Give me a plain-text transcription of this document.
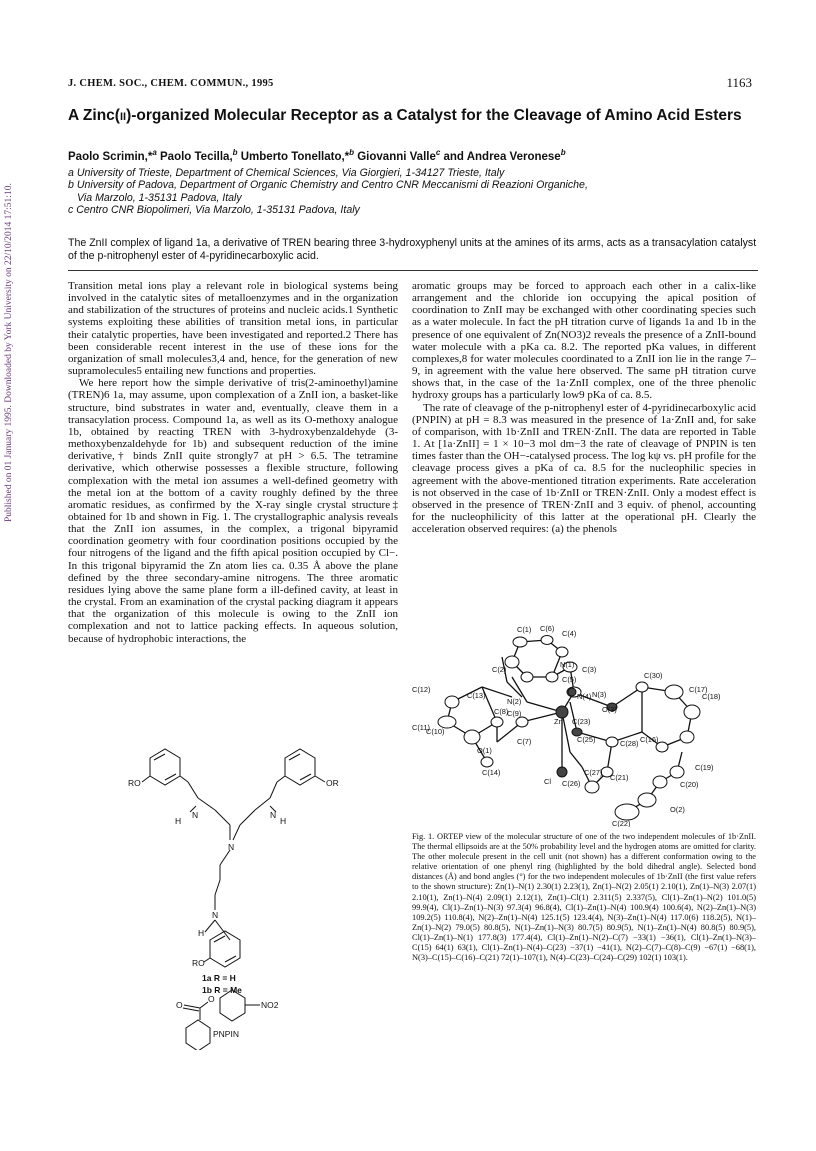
Published on 01 January 1995. Downloaded by York University on 22/10/2014 17:51:10.
J. CHEM. SOC., CHEM. COMMUN., 1995	1163
A Zinc(II)-organized Molecular Receptor as a Catalyst for the Cleavage of Amino Acid Esters
Paolo Scrimin,*$^a$ Paolo Tecilla,$^b$ Umberto Tonellato,*$^b$ Giovanni Valle$^c$ and Andrea Veronese$^b$
a University of Trieste, Department of Chemical Sciences, Via Giorgieri, 1-34127 Trieste, Italy
b University of Padova, Department of Organic Chemistry and Centro CNR Meccanismi di Reazioni Organiche,
Via Marzolo, 1-35131 Padova, Italy
c Centro CNR Biopolimeri, Via Marzolo, 1-35131 Padova, Italy
The ZnII complex of ligand 1a, a derivative of TREN bearing three 3-hydroxyphenyl units at the amines of its arms, acts as a transacylation catalyst of the p-nitrophenyl ester of 4-pyridinecarboxylic acid.

Transition metal ions play a relevant role in biological systems being involved in the catalytic sites of metalloenzymes and in the organization and stabilization of the structures of proteins and nucleic acids.1 Synthetic systems exploiting these abilities of transition metal ions, in particular their catalytic properties, have been investigated and reported.2 There has been considerable recent interest in the use of these ions for the organization of small molecules3,4 and, hence, for the generation of new supramolecules5 entailing new functions and properties.

We here report how the simple derivative of tris(2-aminoethyl)amine (TREN)6 1a, may assume, upon complexation of a ZnII ion, a basket-like structure, bind substrates in water and, eventually, cleave them in a transacylation process. Compound 1a, as well as its O-methoxy analogue 1b, obtained by reacting TREN with 3-hydroxybenzaldehyde (3-methoxybenzaldehyde for 1b) and subsequent reduction of the imine derivative,† binds ZnII quite strongly7 at pH > 6.5. The tetramine derivative, which otherwise possesses a flexible structure, following complexation with the metal ion assumes a well-defined geometry with the metal ion at the bottom of a cavity roughly defined by the three aromatic residues, as confirmed by the X-ray single crystal structure‡ obtained for 1b and shown in Fig. 1. The crystallographic analysis reveals that the ZnII ion assumes, in the complex, a trigonal bipyramid coordination geometry with four coordination positions occupied by the four nitrogens of the ligand and the fifth apical position occupied by Cl−. In this trigonal bipyramid the Zn atom lies ca. 0.35 Å above the plane defined by the three secondary-amine nitrogens. The three aromatic residues lying above the same plane form a ill-defined cavity, at least in the crystal. From an examination of the crystal packing diagram it appears that the organization of this molecule is owing to the ZnII ion complexation and not to lattice packing effects. In aqueous solution, because of hydrophobic interactions, the

aromatic groups may be forced to approach each other in a calix-like arrangement and the chloride ion occupying the apical position of coordination to ZnII may be exchanged with other coordinating species such as a water molecule. In fact the pH titration curve of ligands 1a and 1b in the presence of one equivalent of Zn(NO3)2 reveals the presence of a ZnII-bound water molecule with a pKa ca. 8.2. The reported pKa values, in different complexes,8 for water molecules coordinated to a ZnII ion lie in the range 7–9, in agreement with the value here observed. The same pH titration curve shows that, in the case of the 1a·ZnII complex, one of the three phenolic hydroxy groups has a particularly low9 pKa of ca. 8.5.

The rate of cleavage of the p-nitrophenyl ester of 4-pyridinecarboxylic acid (PNPIN) at pH = 8.3 was measured in the presence of 1a·ZnII and, for sake of comparison, with 1b·ZnII and TREN·ZnII. The data are reported in Table 1. At [1a·ZnII] = 1 × 10−3 mol dm−3 the rate of cleavage of PNPIN is ten times faster than the OH−-catalysed process. The log kψ vs. pH profile for the cleavage process gives a pKa of ca. 8.5 for the nucleophilic species in agreement with the above-mentioned titration experiments. Rate acceleration is not observed in the case of 1b·ZnII or TREN·ZnII. Only a modest effect is observed in the presence of TREN·ZnII and 3 equiv. of phenol, accounting for the nucleophilicity of this latter at the operational pH. Clearly the acceleration observed requires: (a) the phenols

C(1) C(6)
C(4)
N(1)
C(2)
C(5)
C(3)
C(30)
C(12)
C(13)
N(2)
N(4) N(3)
O(3)
C(17)
C(18)
C(8)
C(9)
Zn C(23)
C(11)
C(10)
C(7)	C(25)	C(28) C(16)
O(1)
C(14)	C(27)
C(21)
C(19)
Cl C(26)	C(20)
O(2)
C(22)
Fig. 1. ORTEP view of the molecular structure of one of the two independent molecules of 1b·ZnII. The thermal ellipsoids are at the 50% probability level and the hydrogen atoms are omitted for clarity. The other molecule present in the cell unit (not shown) has a different conformation owing to the relative orientation of one phenyl ring (highlighted by the bold dihedral angle). Selected bond distances (Å) and bond angles (°) for the two independent molecules of 1b·ZnII (the first value refers to the shown structure): Zn(1)–N(1) 2.30(1) 2.23(1), Zn(1)–N(2) 2.05(1) 2.10(1), Zn(1)–N(3) 2.07(1) 2.10(1), Zn(1)–N(4) 2.09(1) 2.12(1), Zn(1)–Cl(1) 2.311(5) 2.337(5), Cl(1)–Zn(1)–N(2) 101.0(5) 99.9(4), Cl(1)–Zn(1)–N(3) 97.3(4) 96.8(4), Cl(1)–Zn(1)–N(4) 100.9(4) 100.6(4), N(2)–Zn(1)–N(3) 109.2(5) 110.8(4), N(2)–Zn(1)–N(4) 125.1(5) 123.4(4), N(3)–Zn(1)–N(4) 117.0(6) 118.2(5), N(1)–Zn(1)–N(2) 79.0(5) 80.8(5), N(1)–Zn(1)–N(3) 80.7(5) 80.9(5), N(1)–Zn(1)–N(4) 80.8(5) 80.9(5), Cl(1)–Zn(1)–N(1) 177.8(3) 177.4(4), Cl(1)–Zn(1)–N(2)–C(7) −33(1) −36(1), Cl(1)–Zn(1)–N(3)–C(15) 64(1) 63(1), Cl(1)–Zn(1)–N(4)–C(23) −37(1) −41(1), N(2)–C(7)–C(8)–C(9) −67(1) −68(1), N(3)–C(15)–C(16)–C(21) 72(1)–107(1), N(4)–C(23)–C(24)–C(29) 102(1) 103(1).
RO	OR
N	N
H	H
N
N
H
RO
1a R = H
1b R = Me
O
O
NO2
PNPIN
